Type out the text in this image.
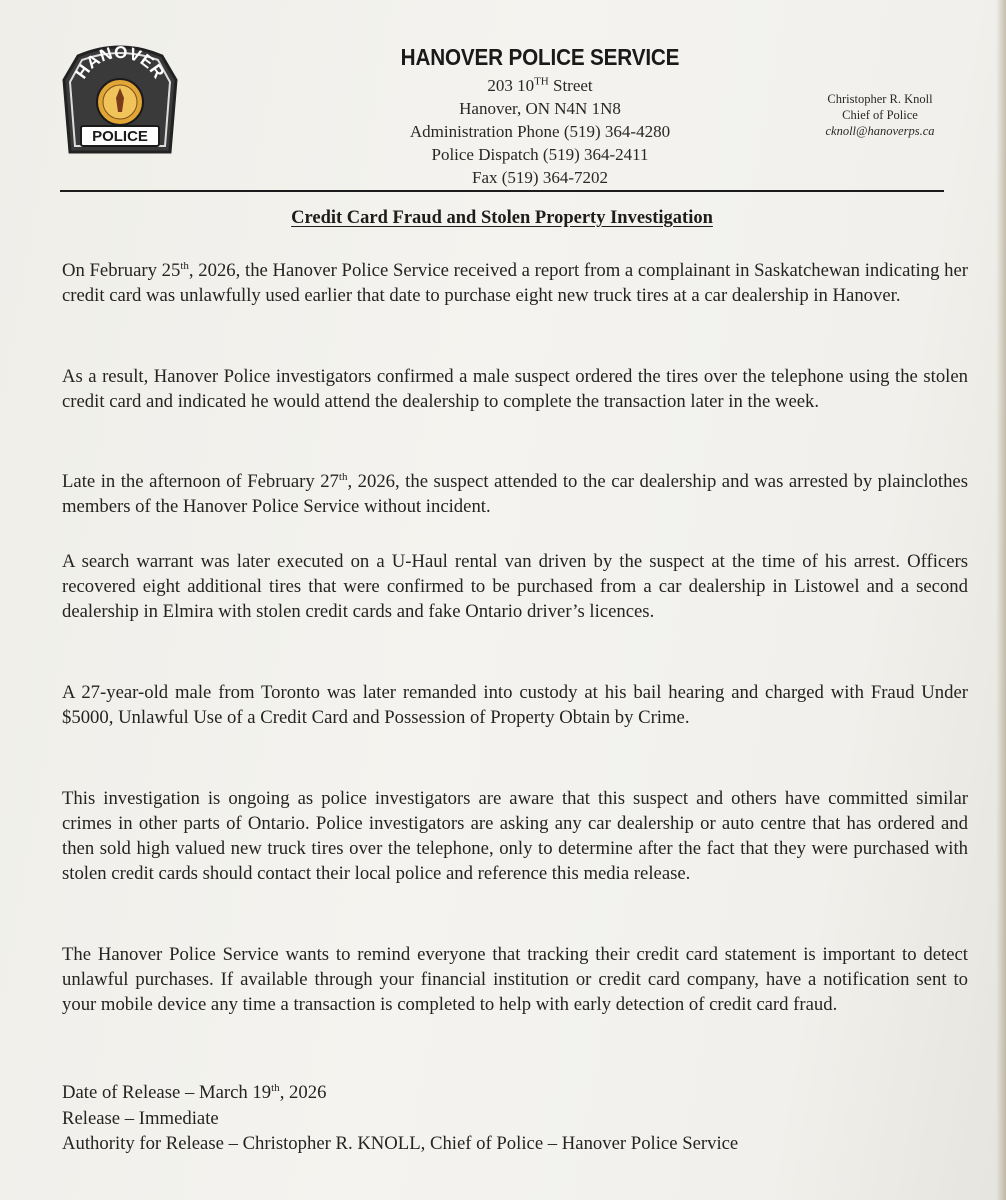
HANOVER
POLICE
HANOVER POLICE SERVICE
203 10TH Street
Hanover, ON N4N 1N8
Administration Phone (519) 364-4280
Police Dispatch (519) 364-2411
Fax (519) 364-7202
Christopher R. Knoll
Chief of Police
cknoll@hanoverps.ca
Credit Card Fraud and Stolen Property Investigation
On February 25th, 2026, the Hanover Police Service received a report from a complainant in Saskatchewan indicating her credit card was unlawfully used earlier that date to purchase eight new truck tires at a car dealership in Hanover.
As a result, Hanover Police investigators confirmed a male suspect ordered the tires over the telephone using the stolen credit card and indicated he would attend the dealership to complete the transaction later in the week.
Late in the afternoon of February 27th, 2026, the suspect attended to the car dealership and was arrested by plainclothes members of the Hanover Police Service without incident.
A search warrant was later executed on a U-Haul rental van driven by the suspect at the time of his arrest. Officers recovered eight additional tires that were confirmed to be purchased from a car dealership in Listowel and a second dealership in Elmira with stolen credit cards and fake Ontario driver’s licences.
A 27-year-old male from Toronto was later remanded into custody at his bail hearing and charged with Fraud Under $5000, Unlawful Use of a Credit Card and Possession of Property Obtain by Crime.
This investigation is ongoing as police investigators are aware that this suspect and others have committed similar crimes in other parts of Ontario. Police investigators are asking any car dealership or auto centre that has ordered and then sold high valued new truck tires over the telephone, only to determine after the fact that they were purchased with stolen credit cards should contact their local police and reference this media release.
The Hanover Police Service wants to remind everyone that tracking their credit card statement is important to detect unlawful purchases. If available through your financial institution or credit card company, have a notification sent to your mobile device any time a transaction is completed to help with early detection of credit card fraud.
Date of Release – March 19th, 2026
Release – Immediate
Authority for Release – Christopher R. KNOLL, Chief of Police – Hanover Police Service
